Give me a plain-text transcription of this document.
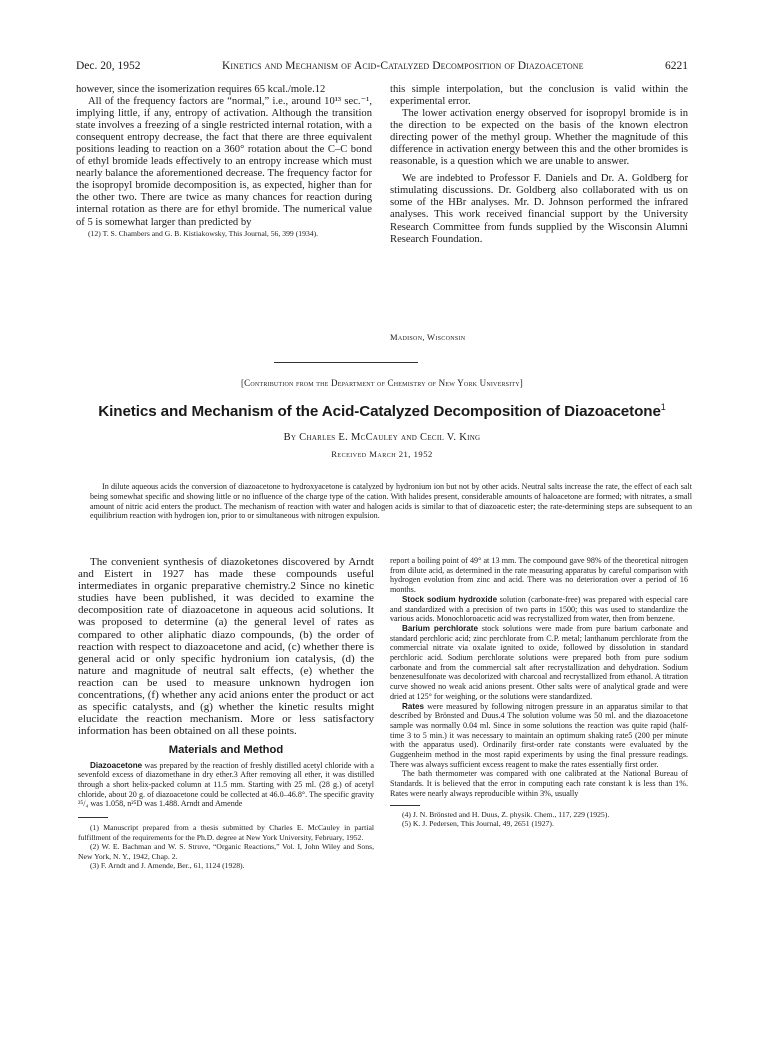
Dec. 20, 1952	Kinetics and Mechanism of Acid-Catalyzed Decomposition of Diazoacetone	6221

however, since the isomerization requires 65 kcal./mole.12

All of the frequency factors are “normal,” i.e., around 10¹³ sec.⁻¹, implying little, if any, entropy of activation. Although the transition state involves a freezing of a single restricted internal rotation, with a consequent entropy decrease, the fact that there are three equivalent positions leading to reaction on a 360° rotation about the C–C bond of ethyl bromide leads effectively to an entropy increase which must nearly balance the aforementioned decrease. The frequency factor for the isopropyl bromide decomposition is, as expected, higher than for the other two. There are twice as many chances for reaction during internal rotation as there are for ethyl bromide. The numerical value of 5 is somewhat larger than predicted by

(12) T. S. Chambers and G. B. Kistiakowsky, This Journal, 56, 399 (1934).

this simple interpolation, but the conclusion is valid within the experimental error.

The lower activation energy observed for isopropyl bromide is in the direction to be expected on the basis of the known electron directing power of the methyl group. Whether the magnitude of this difference in activation energy between this and the other bromides is reasonable, is a question which we are unable to answer.

We are indebted to Professor F. Daniels and Dr. A. Goldberg for stimulating discussions. Dr. Goldberg also collaborated with us on some of the HBr analyses. Mr. D. Johnson performed the infrared analyses. This work received financial support by the University Research Committee from funds supplied by the Wisconsin Alumni Research Foundation.

Madison, Wisconsin
[Contribution from the Department of Chemistry of New York University]
Kinetics and Mechanism of the Acid-Catalyzed Decomposition of Diazoacetone$^1$
By Charles E. McCauley and Cecil V. King
Received March 21, 1952

In dilute aqueous acids the conversion of diazoacetone to hydroxyacetone is catalyzed by hydronium ion but not by other acids. Neutral salts increase the rate, the effect of each salt being somewhat specific and showing little or no influence of the charge type of the cation. With halides present, considerable amounts of haloacetone are formed; with nitrates, a small amount of nitric acid enters the product. The mechanism of reaction with water and halogen acids is similar to that of diazoacetic ester; the rate-determining steps are subsequent to an equilibrium reaction with hydrogen ion, prior to or simultaneous with nitrogen expulsion.

The convenient synthesis of diazoketones discovered by Arndt and Eistert in 1927 has made these compounds useful intermediates in organic preparative chemistry.2 Since no kinetic studies have been published, it was decided to examine the decomposition rate of diazoacetone in aqueous acid solutions. It was proposed to determine (a) the general level of rates as compared to other aliphatic diazo compounds, (b) the order of reaction with respect to diazoacetone and acid, (c) whether there is general acid or only specific hydronium ion catalysis, (d) the nature and magnitude of neutral salt effects, (e) whether the reaction can be used to measure unknown hydrogen ion concentrations, (f) whether any acid anions enter the product or act as specific catalysts, and (g) whether the kinetic results might elucidate the reaction mechanism. More or less satisfactory information has been obtained on all these points.

Materials and Method

Diazoacetone was prepared by the reaction of freshly distilled acetyl chloride with a sevenfold excess of diazomethane in dry ether.3 After removing all ether, it was distilled through a short helix-packed column at 11.5 mm. Starting with 25 ml. (28 g.) of acetyl chloride, about 20 g. of diazoacetone could be collected at 46.0–46.8°. The specific gravity ²⁵/₄ was 1.058, n²⁵D was 1.488. Arndt and Amende

(1) Manuscript prepared from a thesis submitted by Charles E. McCauley in partial fulfillment of the requirements for the Ph.D. degree at New York University, February, 1952.

(2) W. E. Bachman and W. S. Struve, “Organic Reactions,” Vol. I, John Wiley and Sons, New York, N. Y., 1942, Chap. 2.

(3) F. Arndt and J. Amende, Ber., 61, 1124 (1928).

report a boiling point of 49° at 13 mm. The compound gave 98% of the theoretical nitrogen from dilute acid, as determined in the rate measuring apparatus by careful comparison with hydrogen evolution from zinc and acid. There was no deterioration over a period of 16 months.

Stock sodium hydroxide solution (carbonate-free) was prepared with especial care and standardized with a precision of two parts in 1500; this was used to standardize the various acids. Monochloroacetic acid was recrystallized from water, then from benzene.

Barium perchlorate stock solutions were made from pure barium carbonate and standard perchloric acid; zinc perchlorate from C.P. metal; lanthanum perchlorate from the commercial nitrate via oxalate ignited to oxide, followed by dissolution in standard perchloric acid. Sodium perchlorate solutions were prepared both from pure sodium carbonate and from the commercial salt after recrystallization and dehydration. Sodium benzenesulfonate was decolorized with charcoal and recrystallized from ethanol. A titration curve showed no weak acid anions present. Other salts were of analytical grade and were dried at 125° for weighing, or the solutions were standardized.

Rates were measured by following nitrogen pressure in an apparatus similar to that described by Brönsted and Duus.4 The solution volume was 50 ml. and the diazoacetone sample was normally 0.04 ml. Since in some solutions the reaction was quite rapid (half-time 3 to 5 min.) it was necessary to maintain an optimum shaking rate5 (200 per minute with the apparatus used). Ordinarily first-order rate constants were evaluated by the Guggenheim method in the most rapid experiments by using the final pressure readings. There was always sufficient excess reagent to make the rates essentially first order.

The bath thermometer was compared with one calibrated at the National Bureau of Standards. It is believed that the error in computing each rate constant k is less than 1%. Rates were nearly always reproducible within 3%, usually

(4) J. N. Brönsted and H. Duus, Z. physik. Chem., 117, 229 (1925).

(5) K. J. Pedersen, This Journal, 49, 2651 (1927).
